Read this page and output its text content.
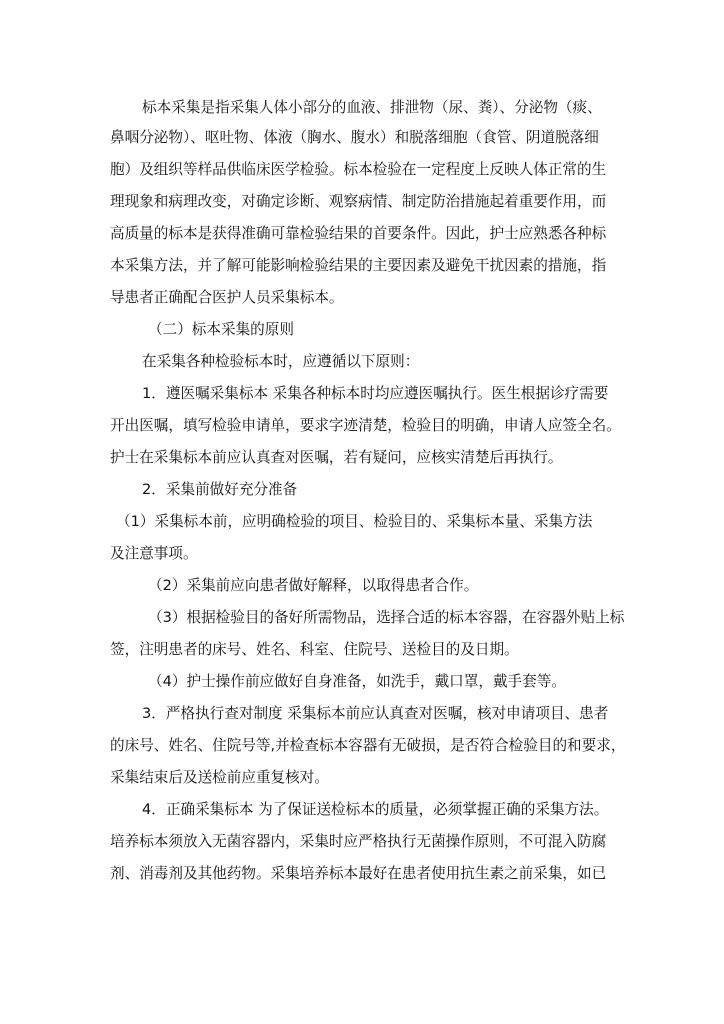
标本采集是指采集人体小部分的血液、排泄物（尿、粪）、分泌物（痰、
鼻咽分泌物）、呕吐物、体液（胸水、腹水）和脱落细胞（食管、阴道脱落细
胞）及组织等样品供临床医学检验。标本检验在一定程度上反映人体正常的生
理现象和病理改变，对确定诊断、观察病情、制定防治措施起着重要作用，而
高质量的标本是获得准确可靠检验结果的首要条件。因此，护士应熟悉各种标
本采集方法，并了解可能影响检验结果的主要因素及避免干扰因素的措施，指
导患者正确配合医护人员采集标本。
（二）标本采集的原则
在采集各种检验标本时，应遵循以下原则：
1．遵医嘱采集标本 采集各种标本时均应遵医嘱执行。医生根据诊疗需要
开出医嘱，填写检验申请单，要求字迹清楚，检验目的明确，申请人应签全名。
护士在采集标本前应认真查对医嘱，若有疑问，应核实清楚后再执行。
2．采集前做好充分准备
（1）采集标本前，应明确检验的项目、检验目的、采集标本量、采集方法
及注意事项。
（2）采集前应向患者做好解释，以取得患者合作。
（3）根据检验目的备好所需物品，选择合适的标本容器，在容器外贴上标
签，注明患者的床号、姓名、科室、住院号、送检目的及日期。
（4）护士操作前应做好自身准备，如洗手，戴口罩，戴手套等。
3．严格执行查对制度 采集标本前应认真查对医嘱，核对申请项目、患者
的床号、姓名、住院号等,并检查标本容器有无破损，是否符合检验目的和要求，
采集结束后及送检前应重复核对。
4．正确采集标本 为了保证送检标本的质量，必须掌握正确的采集方法。
培养标本须放入无菌容器内，采集时应严格执行无菌操作原则，不可混入防腐
剂、消毒剂及其他药物。采集培养标本最好在患者使用抗生素之前采集，如已
